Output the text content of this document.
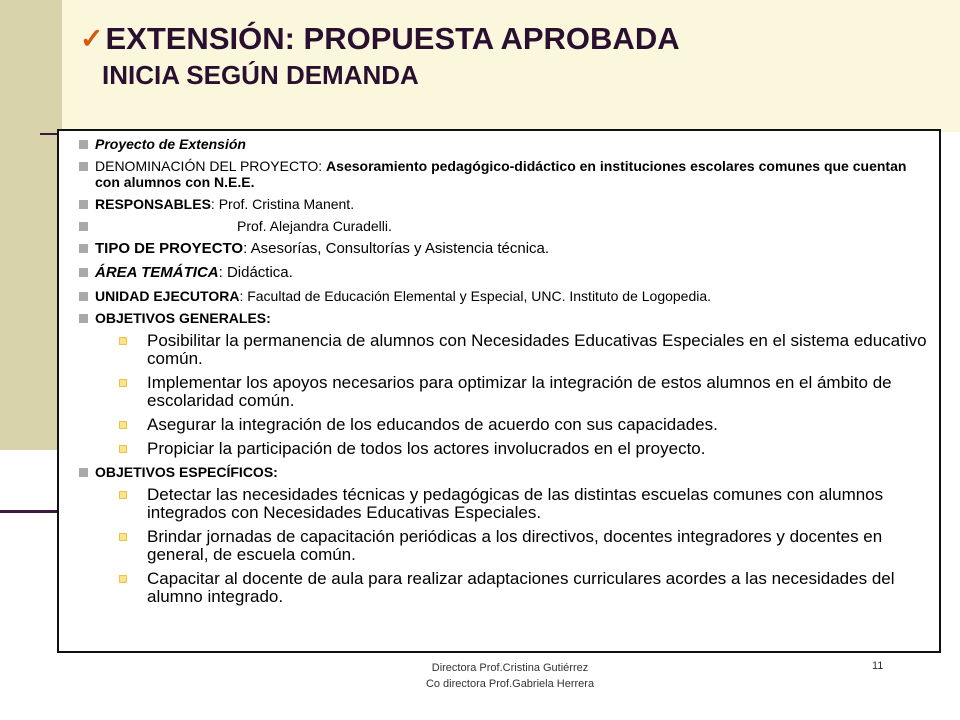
✓ EXTENSIÓN: PROPUESTA APROBADA
INICIA SEGÚN DEMANDA
Proyecto de Extensión
DENOMINACIÓN DEL PROYECTO: Asesoramiento pedagógico-didáctico en instituciones escolares comunes que cuentan con alumnos con N.E.E.
RESPONSABLES: Prof. Cristina Manent.
Prof. Alejandra Curadelli.
TIPO DE PROYECTO: Asesorías, Consultorías y Asistencia técnica.
ÁREA TEMÁTICA: Didáctica.
UNIDAD EJECUTORA: Facultad de Educación Elemental y Especial, UNC. Instituto de Logopedia.
OBJETIVOS GENERALES:
Posibilitar la permanencia de alumnos con Necesidades Educativas Especiales en el sistema educativo común.
Implementar los apoyos necesarios para optimizar la integración de estos alumnos en el ámbito de escolaridad común.
Asegurar la integración de los educandos de acuerdo con sus capacidades.
Propiciar la participación de todos los actores involucrados en el proyecto.
OBJETIVOS ESPECÍFICOS:
Detectar las necesidades técnicas y pedagógicas de las distintas escuelas comunes con alumnos integrados con Necesidades Educativas Especiales.
Brindar jornadas de capacitación periódicas a los directivos, docentes integradores y docentes en general, de escuela común.
Capacitar al docente de aula para realizar adaptaciones curriculares acordes a las necesidades del alumno integrado.
Directora Prof.Cristina Gutiérrez
Co directora Prof.Gabriela Herrera
11
